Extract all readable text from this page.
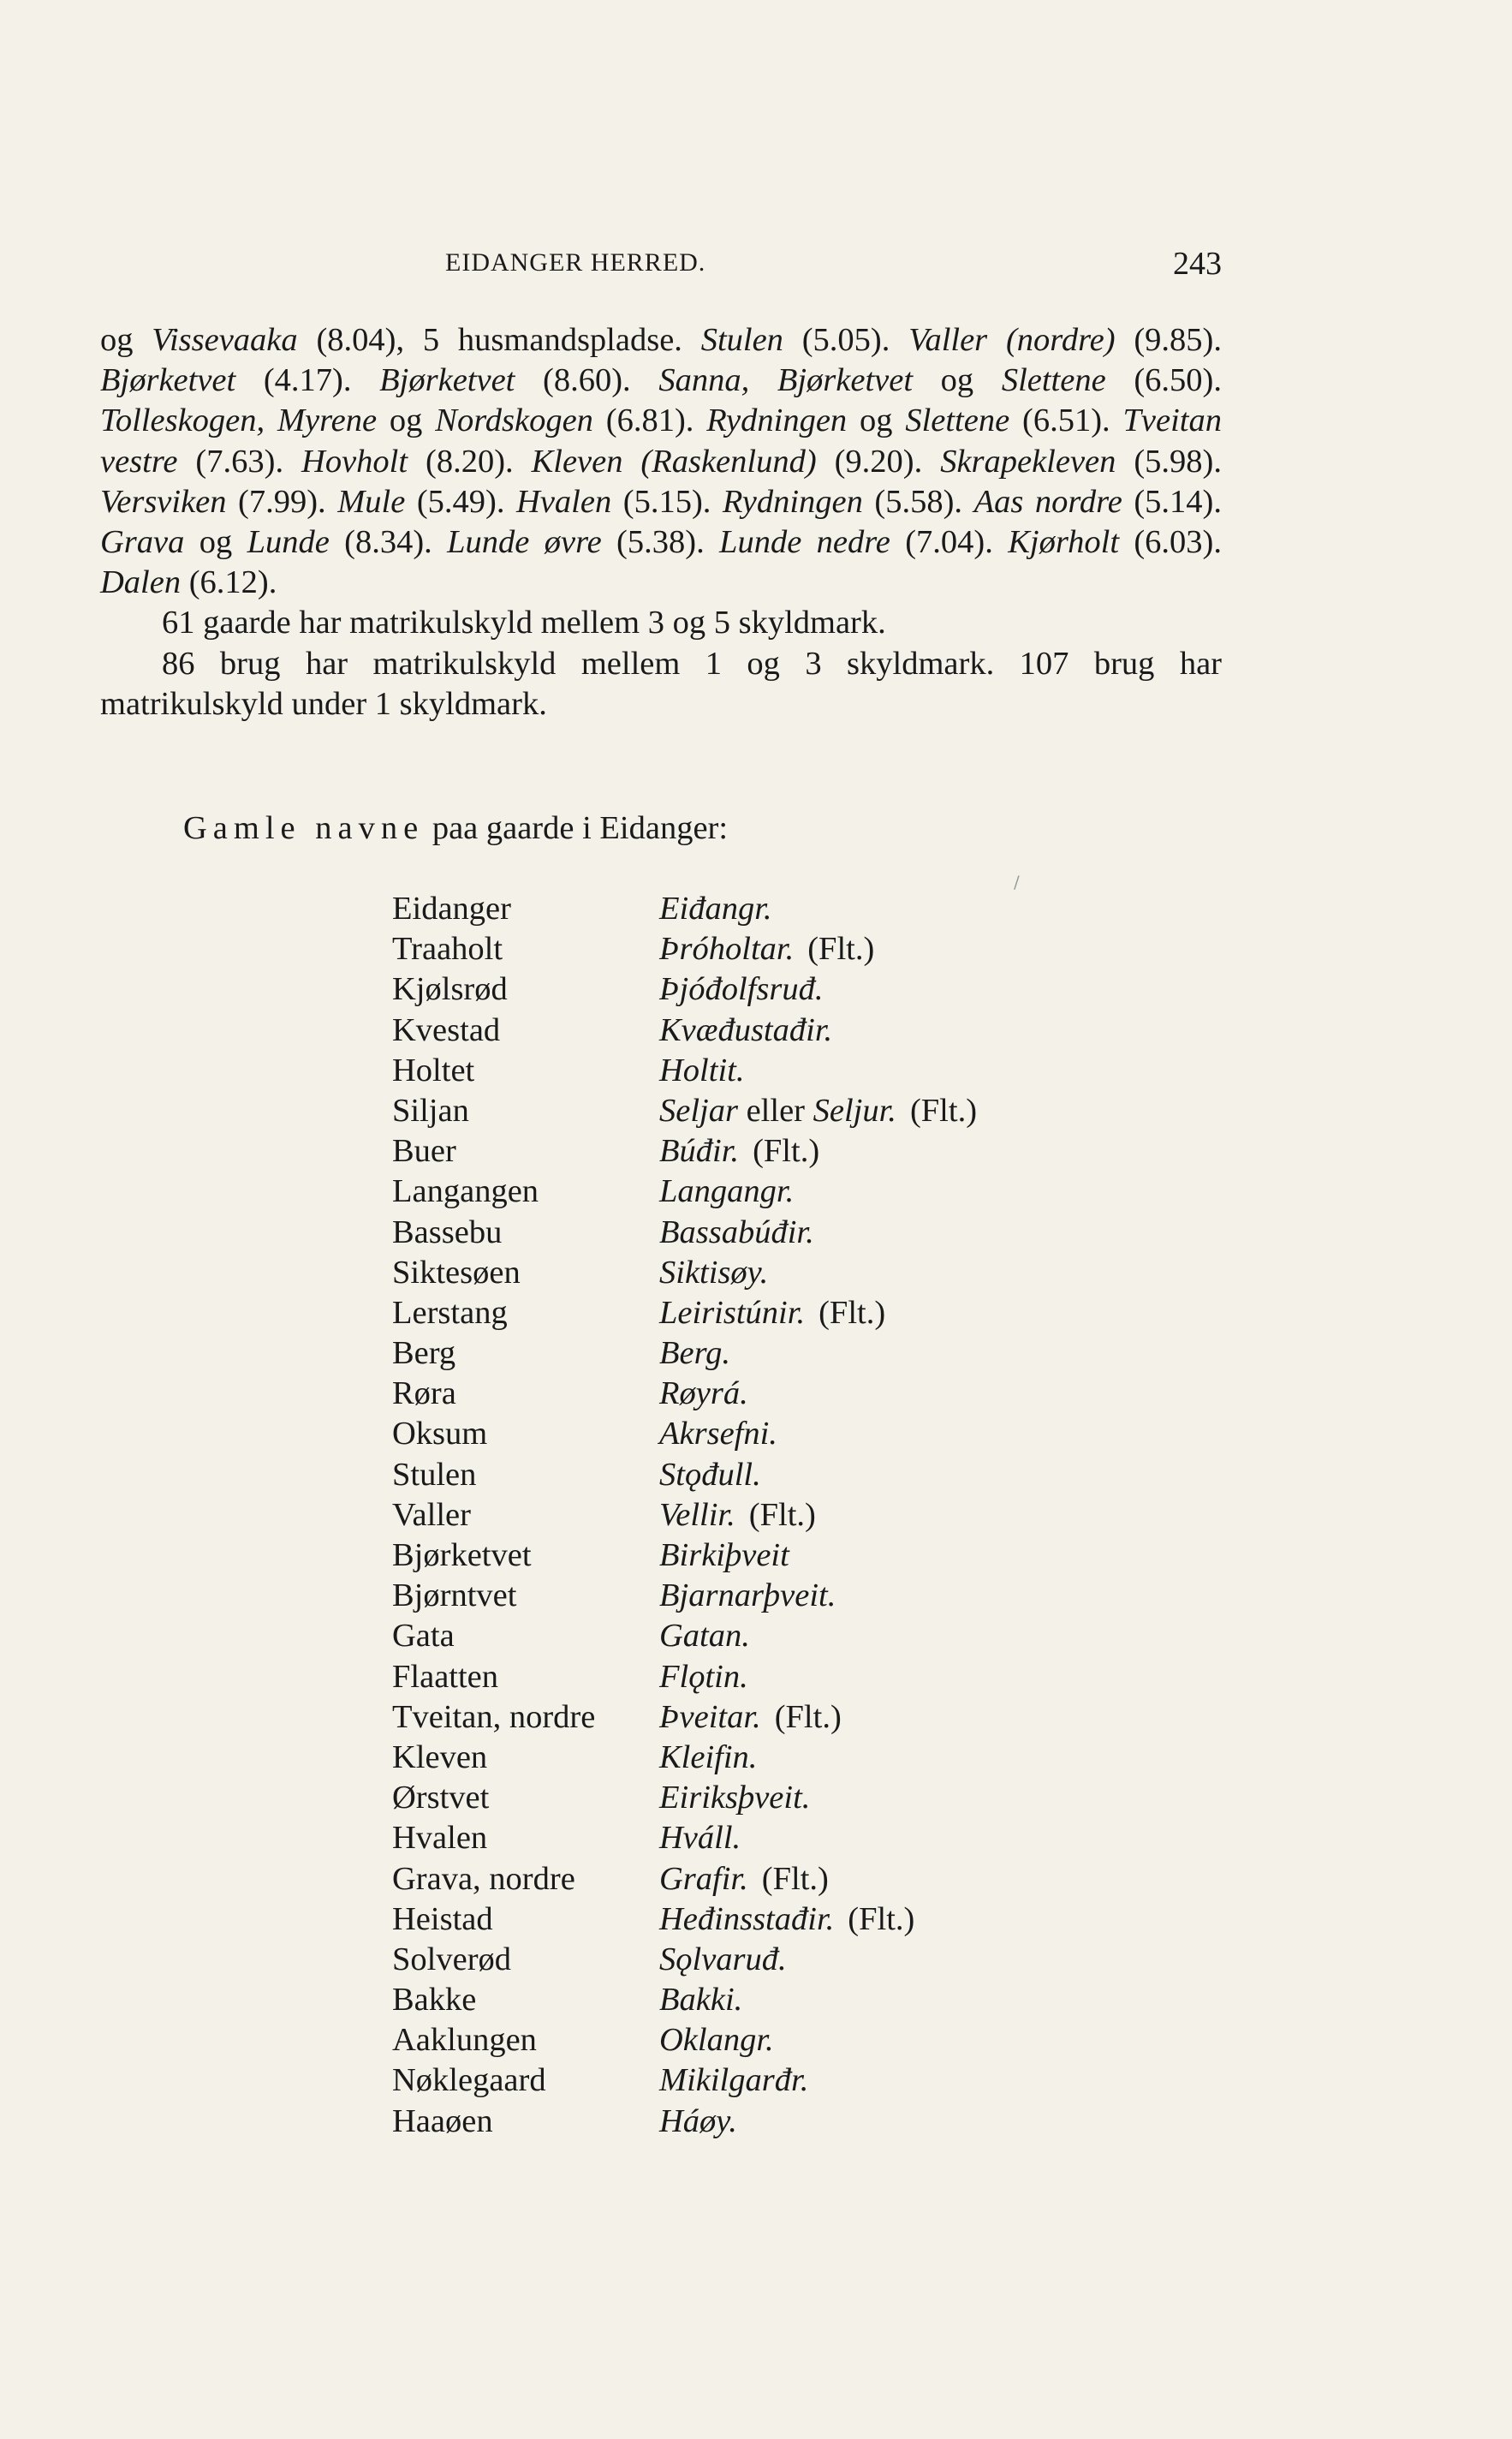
EIDANGER HERRED.	243

og Vissevaaka (8.04), 5 husmandspladse. Stulen (5.05). Valler (nordre) (9.85). Bjørketvet (4.17). Bjørketvet (8.60). Sanna, Bjørketvet og Slettene (6.50). Tolleskogen, Myrene og Nordskogen (6.81). Rydningen og Slettene (6.51). Tveitan vestre (7.63). Hovholt (8.20). Kleven (Raskenlund) (9.20). Skrapekleven (5.98). Versviken (7.99). Mule (5.49). Hvalen (5.15). Rydningen (5.58). Aas nordre (5.14). Grava og Lunde (8.34). Lunde øvre (5.38). Lunde nedre (7.04). Kjørholt (6.03). Dalen (6.12).

61 gaarde har matrikulskyld mellem 3 og 5 skyldmark.

86 brug har matrikulskyld mellem 1 og 3 skyldmark. 107 brug har matrikulskyld under 1 skyldmark.

Gamle navne paa gaarde i Eidanger:
Eidanger	Eiđangr.
Traaholt	Þróholtar. (Flt.)
Kjølsrød	Þjóđolfsruđ.
Kvestad	Kvæđustađir.
Holtet	Holtit.
Siljan	Seljar eller Seljur. (Flt.)
Buer	Búđir. (Flt.)
Langangen	Langangr.
Bassebu	Bassabúđir.
Siktesøen	Siktisøy.
Lerstang	Leiristúnir. (Flt.)
Berg	Berg.
Røra	Røyrá.
Oksum	Akrsefni.
Stulen	Stǫđull.
Valler	Vellir. (Flt.)
Bjørketvet	Birkiþveit
Bjørntvet	Bjarnarþveit.
Gata	Gatan.
Flaatten	Flǫtin.
Tveitan, nordre	Þveitar. (Flt.)
Kleven	Kleifin.
Ørstvet	Eiriksþveit.
Hvalen	Hváll.
Grava, nordre	Grafir. (Flt.)
Heistad	Heđinsstađir. (Flt.)
Solverød	Sǫlvaruđ.
Bakke	Bakki.
Aaklungen	Oklangr.
Nøklegaard	Mikilgarđr.
Haaøen	Háøy.
/
